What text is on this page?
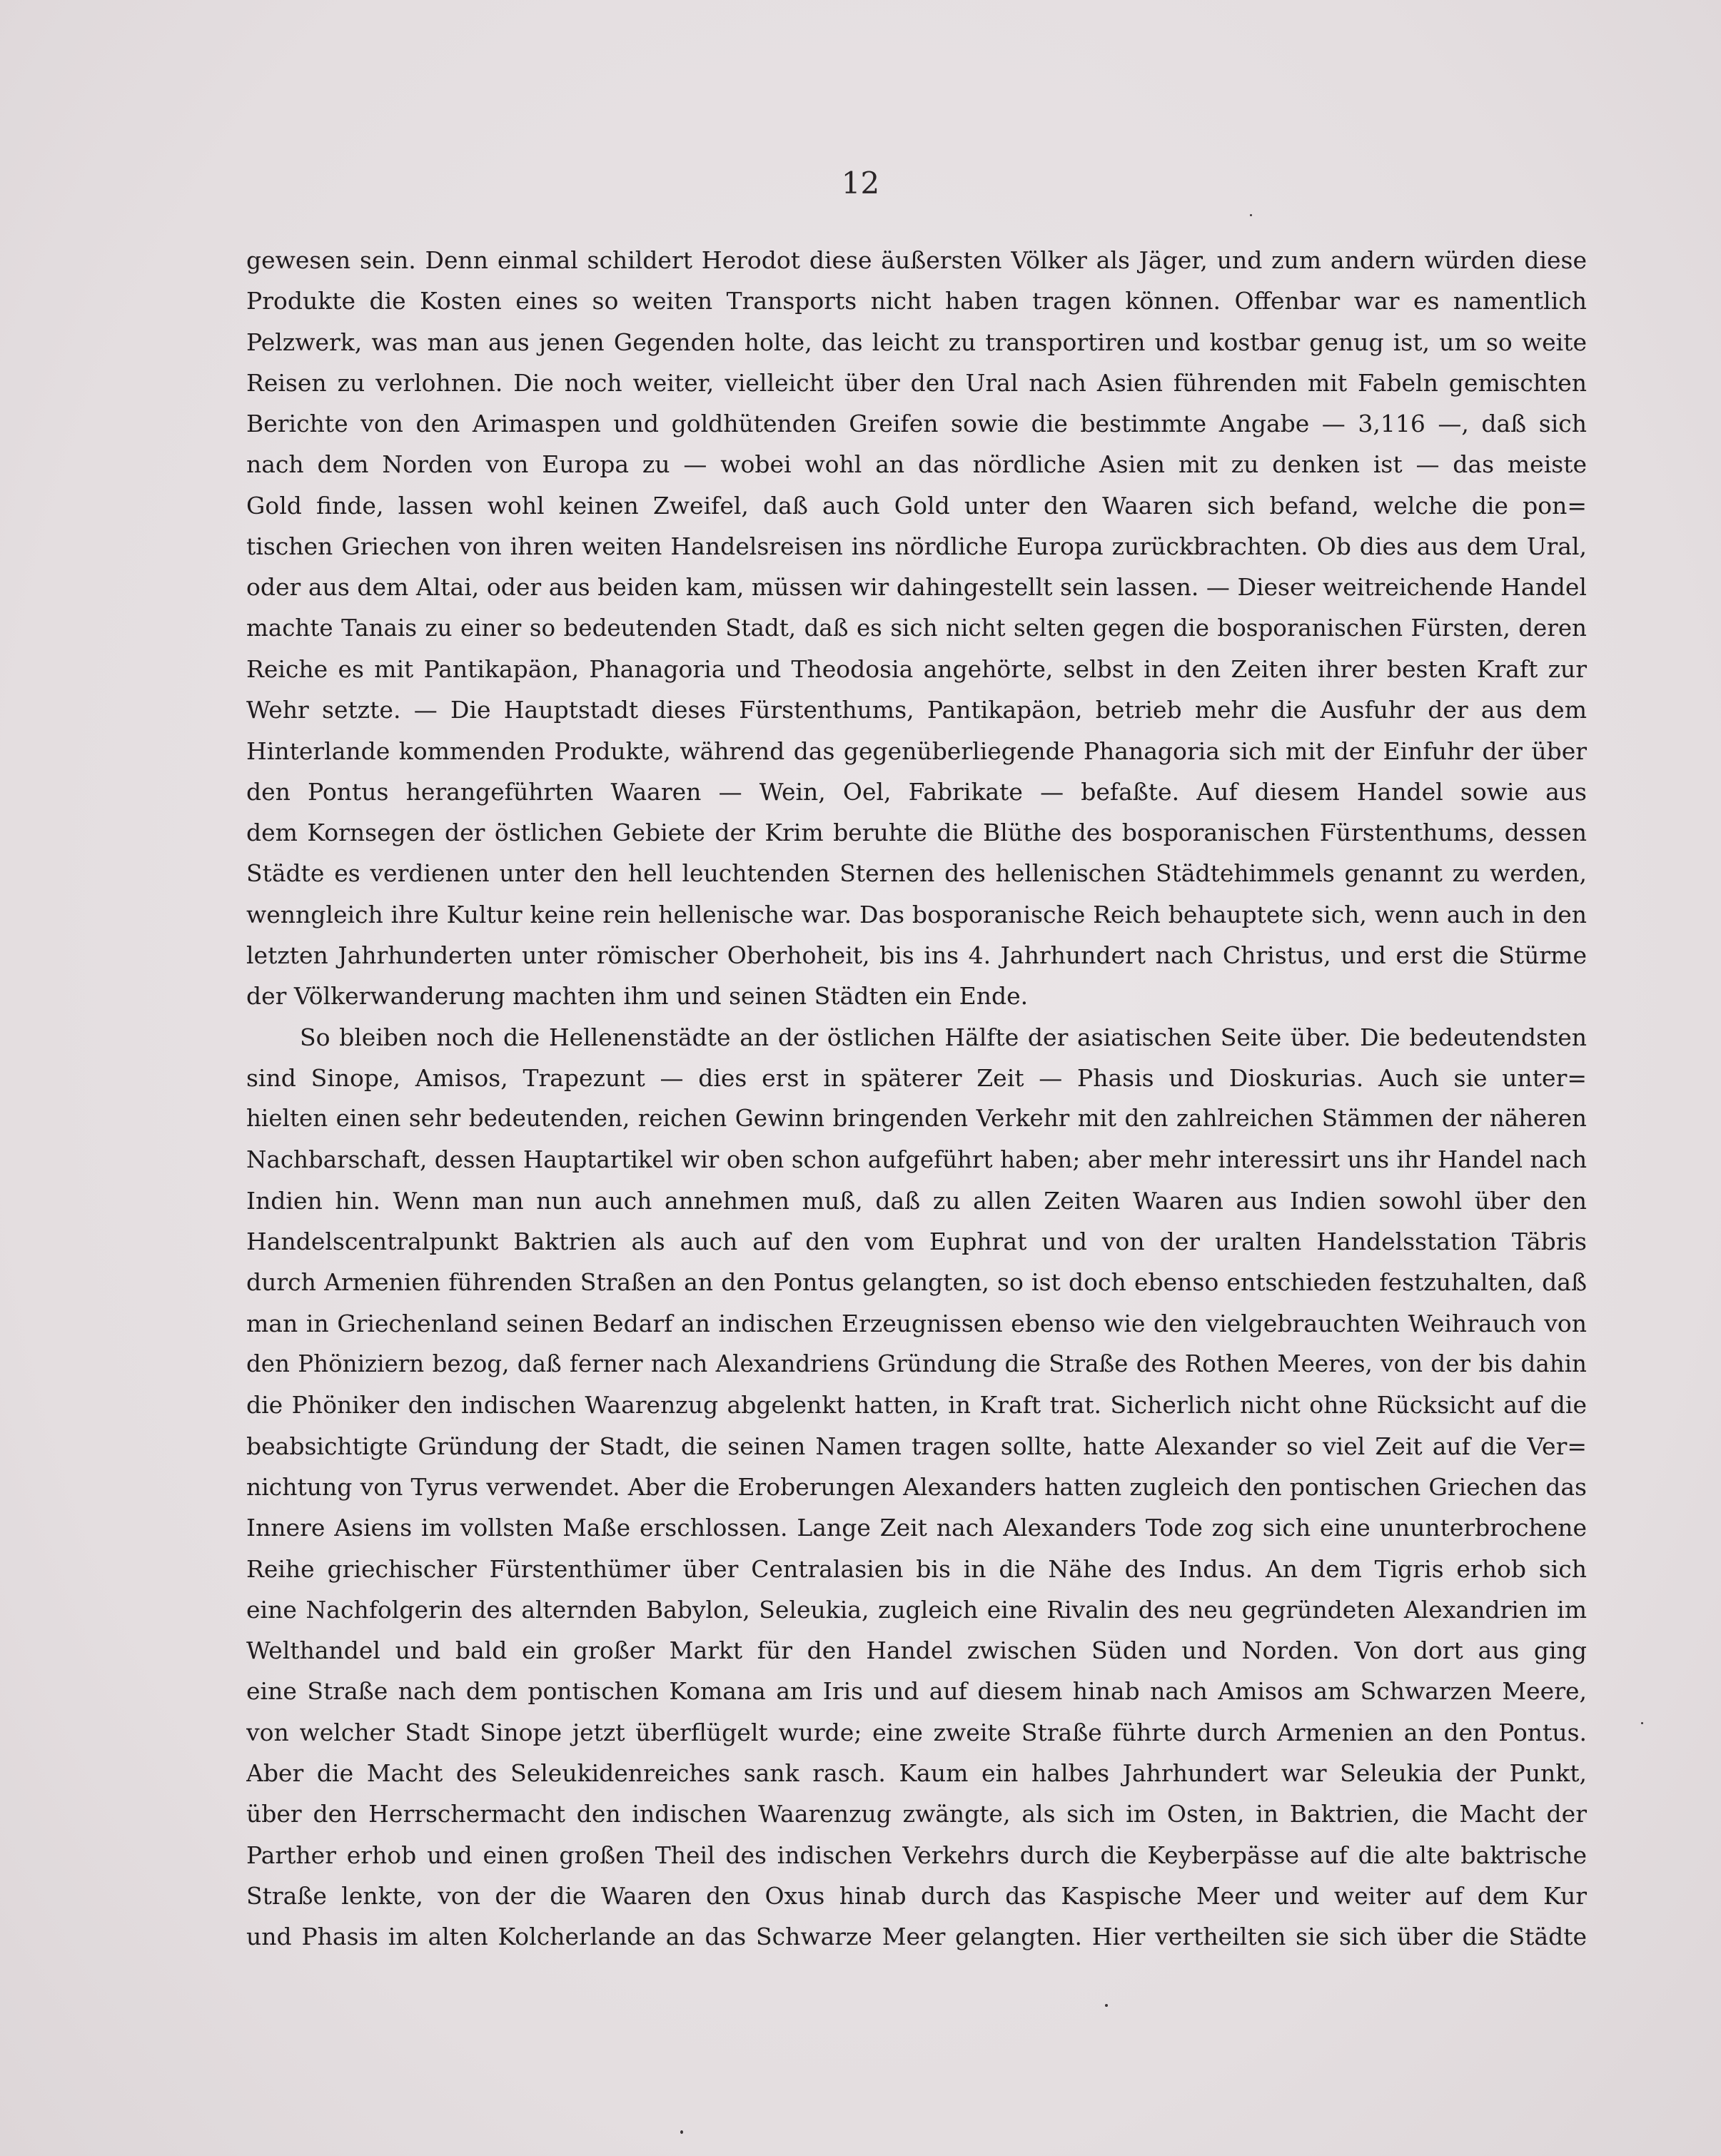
12
gewesen sein. Denn einmal schildert Herodot diese äußersten Völker als Jäger, und zum andern würden diese
Produkte die Kosten eines so weiten Transports nicht haben tragen können. Offenbar war es namentlich
Pelzwerk, was man aus jenen Gegenden holte, das leicht zu transportiren und kostbar genug ist, um so weite
Reisen zu verlohnen. Die noch weiter, vielleicht über den Ural nach Asien führenden mit Fabeln gemischten
Berichte von den Arimaspen und goldhütenden Greifen sowie die bestimmte Angabe — 3,116 —, daß sich
nach dem Norden von Europa zu — wobei wohl an das nördliche Asien mit zu denken ist — das meiste
Gold finde, lassen wohl keinen Zweifel, daß auch Gold unter den Waaren sich befand, welche die pon=
tischen Griechen von ihren weiten Handelsreisen ins nördliche Europa zurückbrachten. Ob dies aus dem Ural,
oder aus dem Altai, oder aus beiden kam, müssen wir dahingestellt sein lassen. — Dieser weitreichende Handel
machte Tanais zu einer so bedeutenden Stadt, daß es sich nicht selten gegen die bosporanischen Fürsten, deren
Reiche es mit Pantikapäon, Phanagoria und Theodosia angehörte, selbst in den Zeiten ihrer besten Kraft zur
Wehr setzte. — Die Hauptstadt dieses Fürstenthums, Pantikapäon, betrieb mehr die Ausfuhr der aus dem
Hinterlande kommenden Produkte, während das gegenüberliegende Phanagoria sich mit der Einfuhr der über
den Pontus herangeführten Waaren — Wein, Oel, Fabrikate — befaßte. Auf diesem Handel sowie aus
dem Kornsegen der östlichen Gebiete der Krim beruhte die Blüthe des bosporanischen Fürstenthums, dessen
Städte es verdienen unter den hell leuchtenden Sternen des hellenischen Städtehimmels genannt zu werden,
wenngleich ihre Kultur keine rein hellenische war. Das bosporanische Reich behauptete sich, wenn auch in den
letzten Jahrhunderten unter römischer Oberhoheit, bis ins 4. Jahrhundert nach Christus, und erst die Stürme
der Völkerwanderung machten ihm und seinen Städten ein Ende.
So bleiben noch die Hellenenstädte an der östlichen Hälfte der asiatischen Seite über. Die bedeutendsten
sind Sinope, Amisos, Trapezunt — dies erst in späterer Zeit — Phasis und Dioskurias. Auch sie unter=
hielten einen sehr bedeutenden, reichen Gewinn bringenden Verkehr mit den zahlreichen Stämmen der näheren
Nachbarschaft, dessen Hauptartikel wir oben schon aufgeführt haben; aber mehr interessirt uns ihr Handel nach
Indien hin. Wenn man nun auch annehmen muß, daß zu allen Zeiten Waaren aus Indien sowohl über den
Handelscentralpunkt Baktrien als auch auf den vom Euphrat und von der uralten Handelsstation Täbris
durch Armenien führenden Straßen an den Pontus gelangten, so ist doch ebenso entschieden festzuhalten, daß
man in Griechenland seinen Bedarf an indischen Erzeugnissen ebenso wie den vielgebrauchten Weihrauch von
den Phöniziern bezog, daß ferner nach Alexandriens Gründung die Straße des Rothen Meeres, von der bis dahin
die Phöniker den indischen Waarenzug abgelenkt hatten, in Kraft trat. Sicherlich nicht ohne Rücksicht auf die
beabsichtigte Gründung der Stadt, die seinen Namen tragen sollte, hatte Alexander so viel Zeit auf die Ver=
nichtung von Tyrus verwendet. Aber die Eroberungen Alexanders hatten zugleich den pontischen Griechen das
Innere Asiens im vollsten Maße erschlossen. Lange Zeit nach Alexanders Tode zog sich eine ununterbrochene
Reihe griechischer Fürstenthümer über Centralasien bis in die Nähe des Indus. An dem Tigris erhob sich
eine Nachfolgerin des alternden Babylon, Seleukia, zugleich eine Rivalin des neu gegründeten Alexandrien im
Welthandel und bald ein großer Markt für den Handel zwischen Süden und Norden. Von dort aus ging
eine Straße nach dem pontischen Komana am Iris und auf diesem hinab nach Amisos am Schwarzen Meere,
von welcher Stadt Sinope jetzt überflügelt wurde; eine zweite Straße führte durch Armenien an den Pontus.
Aber die Macht des Seleukidenreiches sank rasch. Kaum ein halbes Jahrhundert war Seleukia der Punkt,
über den Herrschermacht den indischen Waarenzug zwängte, als sich im Osten, in Baktrien, die Macht der
Parther erhob und einen großen Theil des indischen Verkehrs durch die Keyberpässe auf die alte baktrische
Straße lenkte, von der die Waaren den Oxus hinab durch das Kaspische Meer und weiter auf dem Kur
und Phasis im alten Kolcherlande an das Schwarze Meer gelangten. Hier vertheilten sie sich über die Städte
